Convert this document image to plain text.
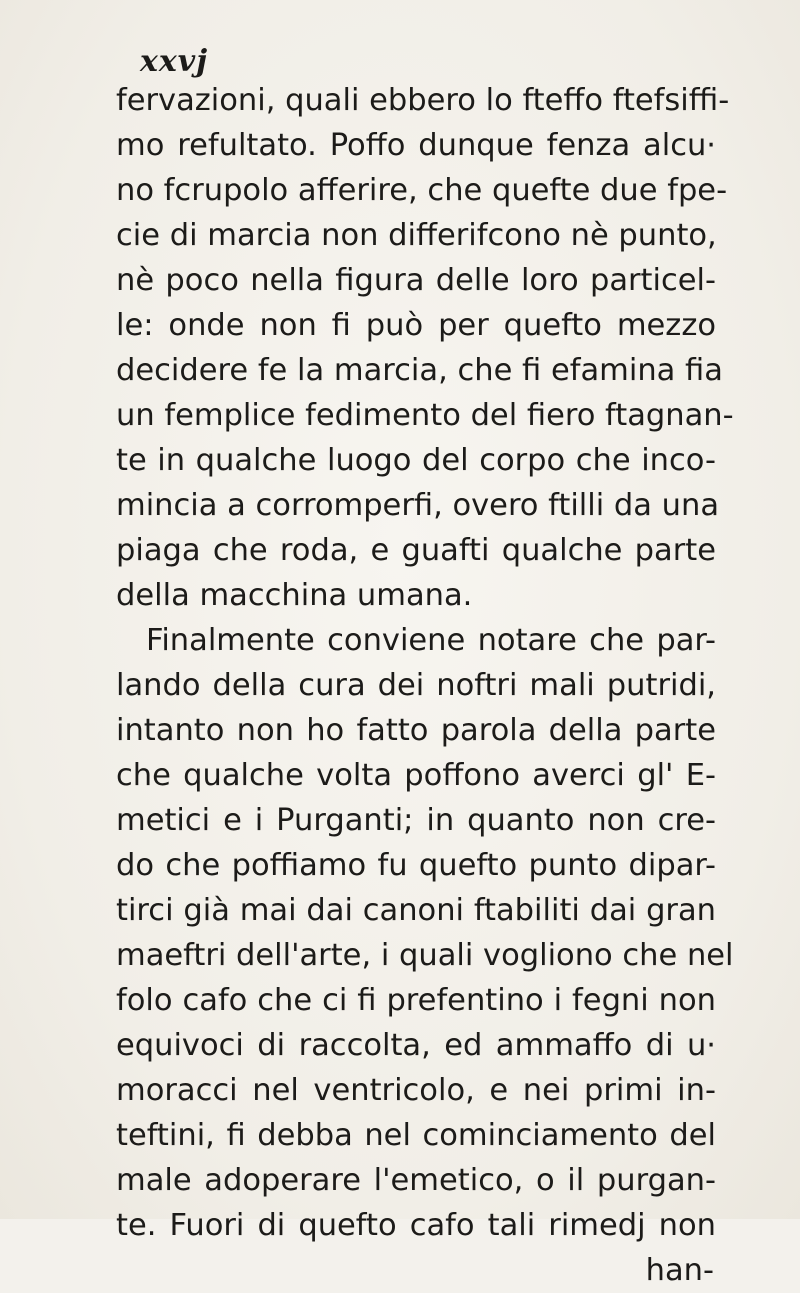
xxvj
fervazioni, quali ebbero lo fteffo ftefsiffi-
mo refultato. Poffo dunque fenza alcu·
no fcrupolo afferire, che quefte due fpe-
cie di marcia non differifcono nè punto,
nè poco nella figura delle loro particel-
le: onde non fi può per quefto mezzo
decidere fe la marcia, che fi efamina fia
un femplice fedimento del fiero ftagnan-
te in qualche luogo del corpo che inco-
mincia a corromperfi, overo ftilli da una
piaga che roda, e guafti qualche parte
della macchina umana.
Finalmente conviene notare che par-
lando della cura dei noftri mali putridi,
intanto non ho fatto parola della parte
che qualche volta poffono averci gl' E-
metici e i Purganti; in quanto non cre-
do che poffiamo fu quefto punto dipar-
tirci già mai dai canoni ftabiliti dai gran
maeftri dell'arte, i quali vogliono che nel
folo cafo che ci fi prefentino i fegni non
equivoci di raccolta, ed ammaffo di u·
moracci nel ventricolo, e nei primi in-
teftini, fi debba nel cominciamento del
male adoperare l'emetico, o il purgan-
te. Fuori di quefto cafo tali rimedj non
han-
